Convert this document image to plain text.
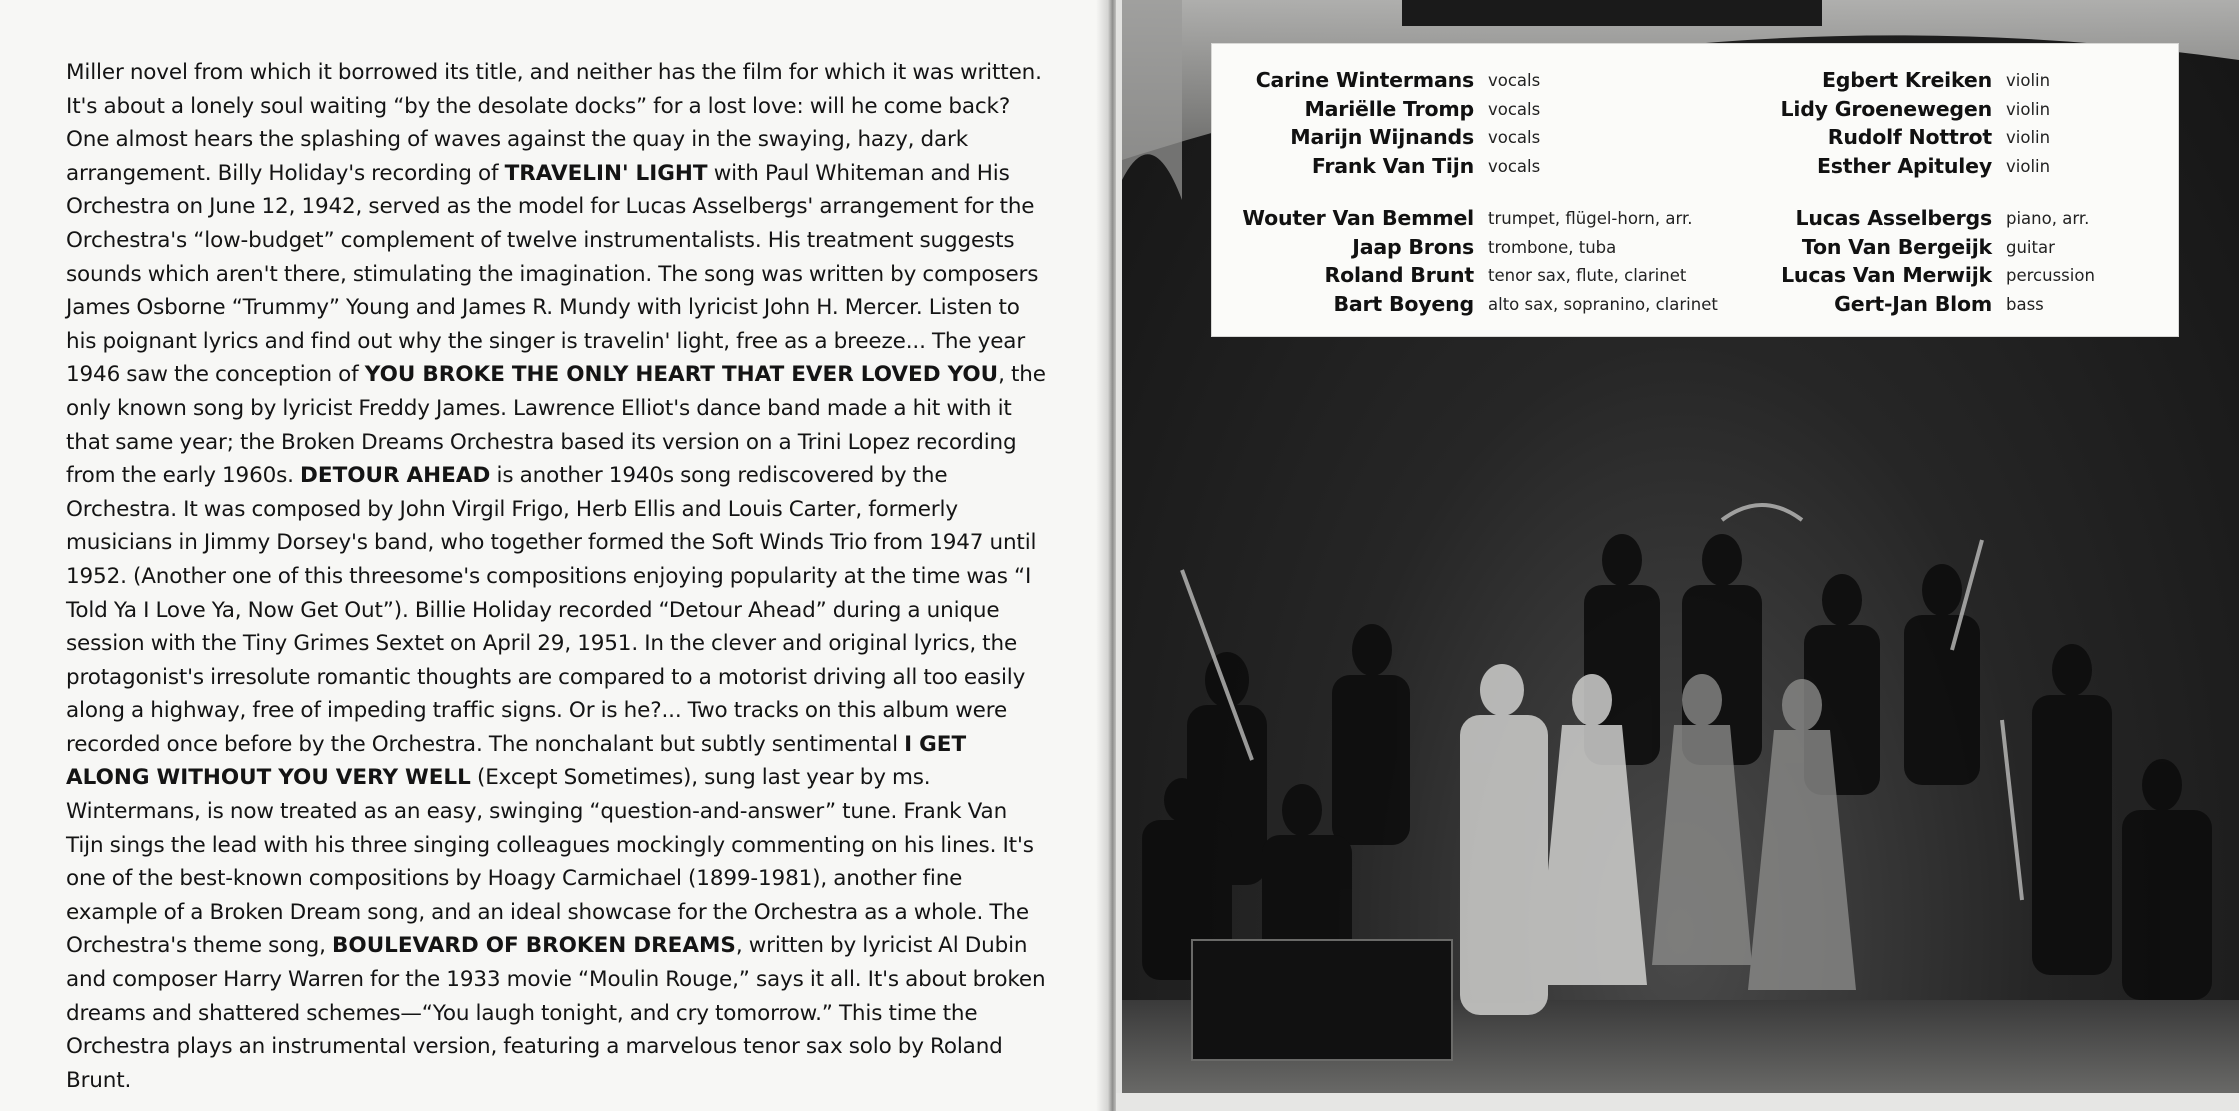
Miller novel from which it borrowed its title, and neither has the film for which it was written. It's about a lonely soul waiting “by the desolate docks” for a lost love: will he come back? One almost hears the splashing of waves against the quay in the swaying, hazy, dark arrangement. Billy Holiday's recording of TRAVELIN' LIGHT with Paul Whiteman and His Orchestra on June 12, 1942, served as the model for Lucas Asselbergs' arrangement for the Orchestra's “low-budget” complement of twelve instrumentalists. His treatment suggests sounds which aren't there, stimulating the imagination. The song was written by composers James Osborne “Trummy” Young and James R. Mundy with lyricist John H. Mercer. Listen to his poignant lyrics and find out why the singer is travelin' light, free as a breeze... The year 1946 saw the conception of YOU BROKE THE ONLY HEART THAT EVER LOVED YOU, the only known song by lyricist Freddy James. Lawrence Elliot's dance band made a hit with it that same year; the Broken Dreams Orchestra based its version on a Trini Lopez recording from the early 1960s. DETOUR AHEAD is another 1940s song rediscovered by the Orchestra. It was composed by John Virgil Frigo, Herb Ellis and Louis Carter, formerly musicians in Jimmy Dorsey's band, who together formed the Soft Winds Trio from 1947 until 1952. (Another one of this threesome's compositions enjoying popularity at the time was “I Told Ya I Love Ya, Now Get Out”). Billie Holiday recorded “Detour Ahead” during a unique session with the Tiny Grimes Sextet on April 29, 1951. In the clever and original lyrics, the protagonist's irresolute romantic thoughts are compared to a motorist driving all too easily along a highway, free of impeding traffic signs. Or is he?... Two tracks on this album were recorded once before by the Orchestra. The nonchalant but subtly sentimental I GET ALONG WITHOUT YOU VERY WELL (Except Sometimes), sung last year by ms. Wintermans, is now treated as an easy, swinging “question-and-answer” tune. Frank Van Tijn sings the lead with his three singing colleagues mockingly commenting on his lines. It's one of the best-known compositions by Hoagy Carmichael (1899-1981), another fine example of a Broken Dream song, and an ideal showcase for the Orchestra as a whole. The Orchestra's theme song, BOULEVARD OF BROKEN DREAMS, written by lyricist Al Dubin and composer Harry Warren for the 1933 movie “Moulin Rouge,” says it all. It's about broken dreams and shattered schemes—“You laugh tonight, and cry tomorrow.” This time the Orchestra plays an instrumental version, featuring a marvelous tenor sax solo by Roland Brunt.

Carine Wintermans vocals
Mariëlle Tromp vocals
Marijn Wijnands vocals
Frank Van Tijn vocals
Wouter Van Bemmel trumpet, flügel-horn, arr.
Jaap Brons trombone, tuba
Roland Brunt tenor sax, flute, clarinet
Bart Boyeng alto sax, sopranino, clarinet
Egbert Kreiken violin
Lidy Groenewegen violin
Rudolf Nottrot violin
Esther Apituley violin
Lucas Asselbergs piano, arr.
Ton Van Bergeijk guitar
Lucas Van Merwijk percussion
Gert-Jan Blom bass
